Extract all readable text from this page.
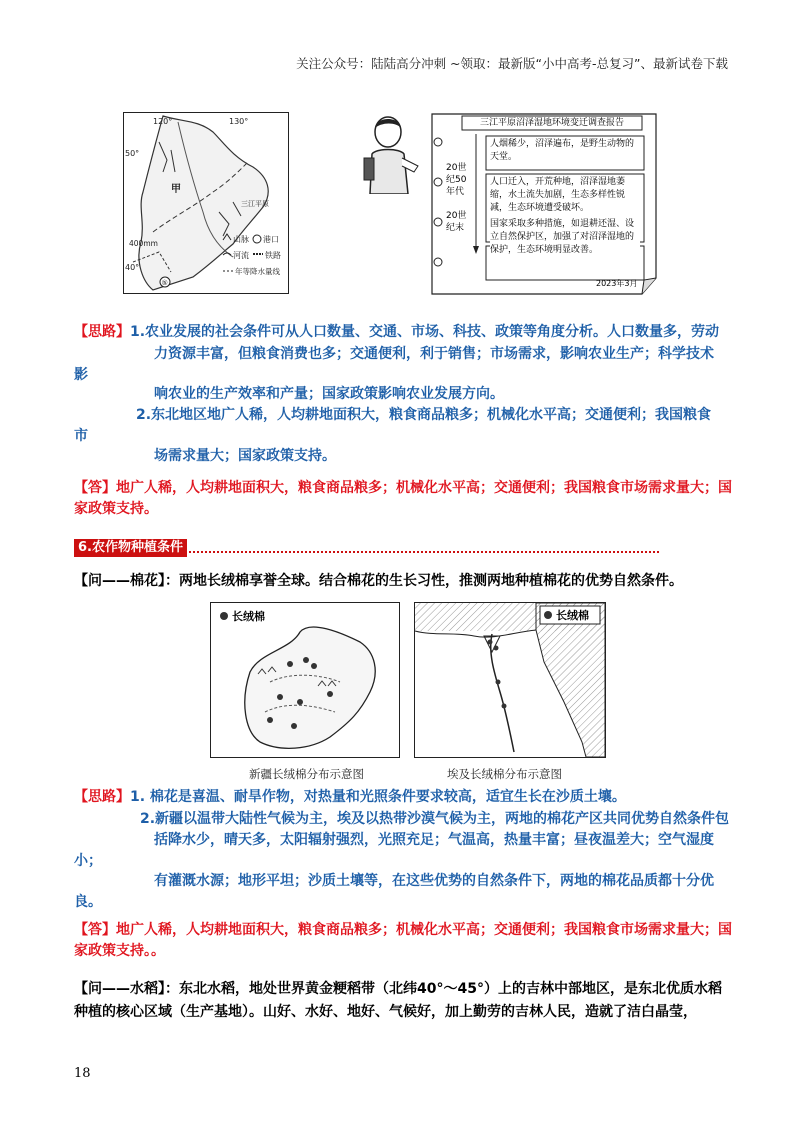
关注公众号：陆陆高分冲刺 ~领取：最新版“小中高考-总复习”、最新试卷下载
120°	130°
50°
甲
三江平原
400mm
40°
⑤
山脉 港口
河流 铁路
年等降水量线
三江平原沼泽湿地环境变迁调查报告
20世纪50年代
20世纪末
人烟稀少，沼泽遍布，是野生动物的天堂。
人口迁入，开荒种地，沼泽湿地萎缩，水土流失加剧，生态多样性锐减，生态环境遭受破坏。
国家采取多种措施，如退耕还湿、设立自然保护区，加强了对沼泽湿地的保护，生态环境明显改善。
2023年3月
【思路】1.农业发展的社会条件可从人口数量、交通、市场、科技、政策等角度分析。人口数量多，劳动
力资源丰富，但粮食消费也多；交通便利，利于销售；市场需求，影响农业生产；科学技术
影
响农业的生产效率和产量；国家政策影响农业发展方向。
2.东北地区地广人稀，人均耕地面积大，粮食商品粮多；机械化水平高；交通便利；我国粮食
市
场需求量大；国家政策支持。
【答】地广人稀，人均耕地面积大，粮食商品粮多；机械化水平高；交通便利；我国粮食市场需求量大；国家政策支持。
6.农作物种植条件
【问——棉花】：两地长绒棉享誉全球。结合棉花的生长习性，推测两地种植棉花的优势自然条件。
长绒棉	长绒棉
新疆长绒棉分布示意图	埃及长绒棉分布示意图
【思路】1. 棉花是喜温、耐旱作物，对热量和光照条件要求较高，适宜生长在沙质土壤。
2.新疆以温带大陆性气候为主，埃及以热带沙漠气候为主，两地的棉花产区共同优势自然条件包
括降水少，晴天多，太阳辐射强烈，光照充足；气温高，热量丰富；昼夜温差大；空气湿度
小；
有灌溉水源；地形平坦；沙质土壤等，在这些优势的自然条件下，两地的棉花品质都十分优
良。
【答】地广人稀，人均耕地面积大，粮食商品粮多；机械化水平高；交通便利；我国粮食市场需求量大；国家政策支持。。
【问——水稻】：东北水稻，地处世界黄金粳稻带（北纬40°～45°）上的吉林中部地区，是东北优质水稻种植的核心区域（生产基地）。山好、水好、地好、气候好，加上勤劳的吉林人民，造就了洁白晶莹，
18
